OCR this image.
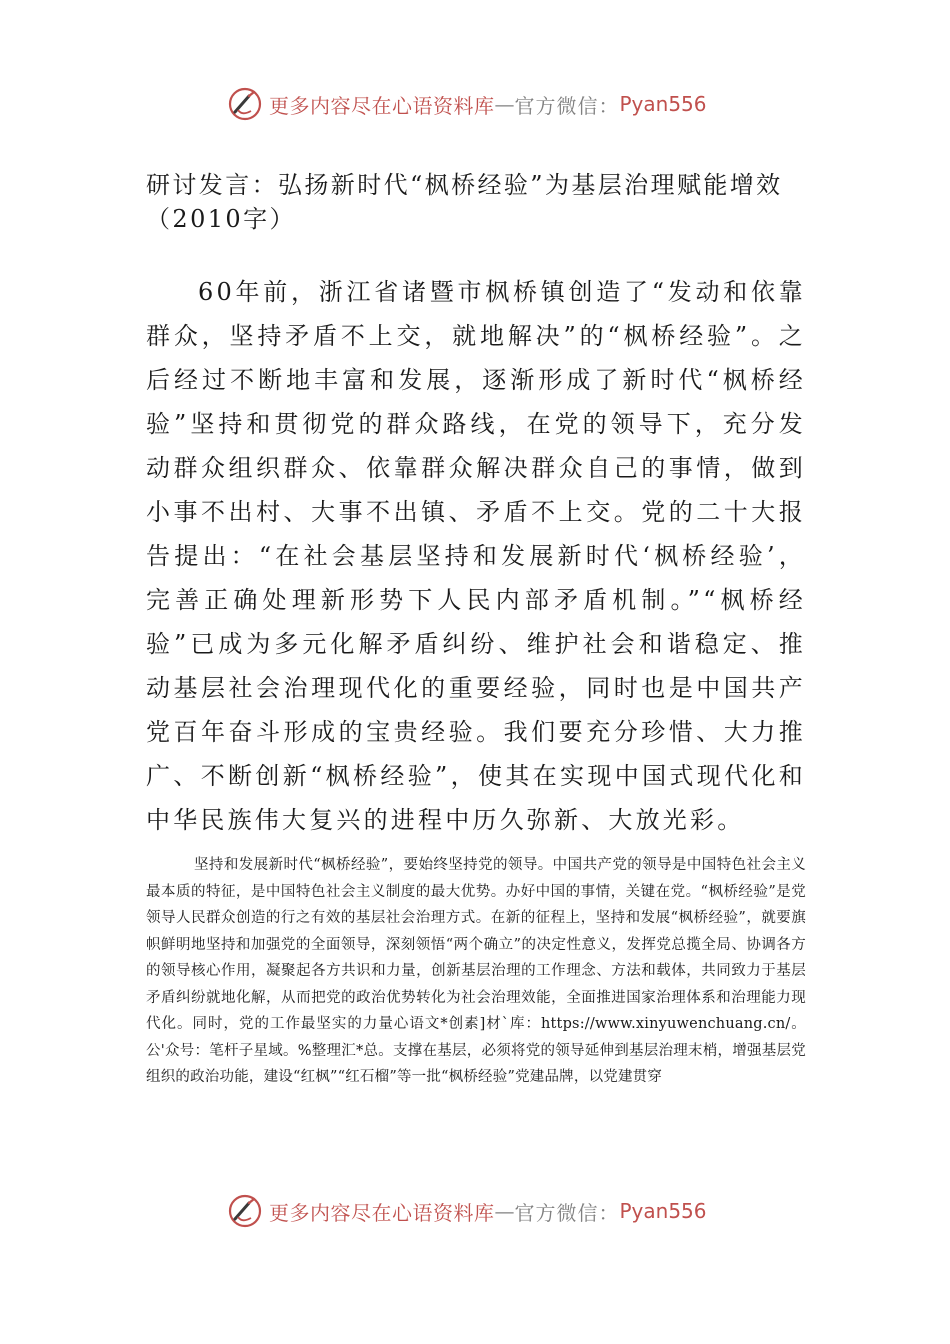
更多内容尽在心语资料库 — 官方微信： Pyan556
研讨发言：弘扬新时代“枫桥经验”为基层治理赋能增效（2010字）

60年前，浙江省诸暨市枫桥镇创造了“发动和依靠群众，坚持矛盾不上交，就地解决”的“枫桥经验”。之后经过不断地丰富和发展，逐渐形成了新时代“枫桥经验”坚持和贯彻党的群众路线，在党的领导下，充分发动群众组织群众、依靠群众解决群众自己的事情，做到小事不出村、大事不出镇、矛盾不上交。党的二十大报告提出：“在社会基层坚持和发展新时代‘枫桥经验’，完善正确处理新形势下人民内部矛盾机制。”“枫桥经验”已成为多元化解矛盾纠纷、维护社会和谐稳定、推动基层社会治理现代化的重要经验，同时也是中国共产党百年奋斗形成的宝贵经验。我们要充分珍惜、大力推广、不断创新“枫桥经验”，使其在实现中国式现代化和中华民族伟大复兴的进程中历久弥新、大放光彩。

坚持和发展新时代“枫桥经验”，要始终坚持党的领导。中国共产党的领导是中国特色社会主义最本质的特征，是中国特色社会主义制度的最大优势。办好中国的事情，关键在党。“枫桥经验”是党领导人民群众创造的行之有效的基层社会治理方式。在新的征程上，坚持和发展“枫桥经验”，就要旗帜鲜明地坚持和加强党的全面领导，深刻领悟“两个确立”的决定性意义，发挥党总揽全局、协调各方的领导核心作用，凝聚起各方共识和力量，创新基层治理的工作理念、方法和载体，共同致力于基层矛盾纠纷就地化解，从而把党的政治优势转化为社会治理效能，全面推进国家治理体系和治理能力现代化。同时，党的工作最坚实的力量心语文*创素]材`库：https://www.xinyuwenchuang.cn/。公'众号：笔杆子星域。%整理汇*总。支撑在基层，必须将党的领导延伸到基层治理末梢，增强基层党组织的政治功能，建设“红枫”“红石榴”等一批“枫桥经验”党建品牌，以党建贯穿

更多内容尽在心语资料库 — 官方微信： Pyan556
